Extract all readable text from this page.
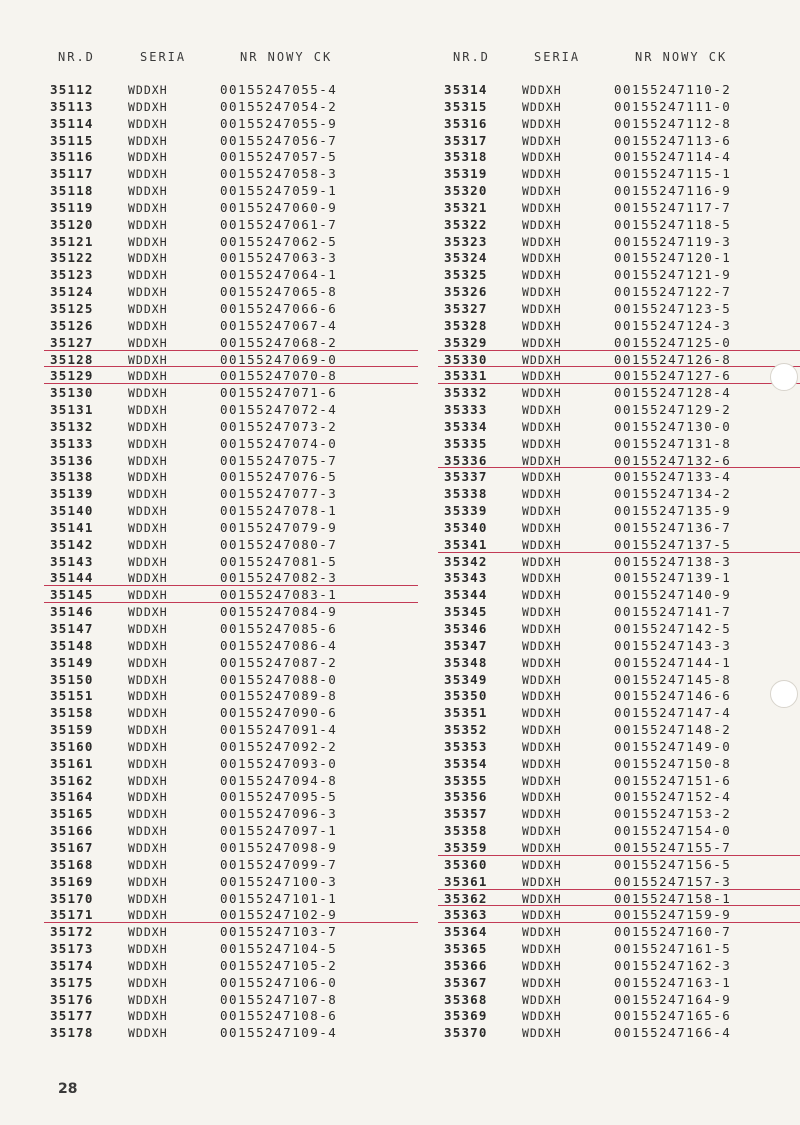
NR.D	SERIA	NR NOWY CK	NR.D	SERIA	NR NOWY CK
35112	WDDXH	00155247055-4
35113	WDDXH	00155247054-2
35114	WDDXH	00155247055-9
35115	WDDXH	00155247056-7
35116	WDDXH	00155247057-5
35117	WDDXH	00155247058-3
35118	WDDXH	00155247059-1
35119	WDDXH	00155247060-9
35120	WDDXH	00155247061-7
35121	WDDXH	00155247062-5
35122	WDDXH	00155247063-3
35123	WDDXH	00155247064-1
35124	WDDXH	00155247065-8
35125	WDDXH	00155247066-6
35126	WDDXH	00155247067-4
35127	WDDXH	00155247068-2
35128	WDDXH	00155247069-0
35129	WDDXH	00155247070-8
35130	WDDXH	00155247071-6
35131	WDDXH	00155247072-4
35132	WDDXH	00155247073-2
35133	WDDXH	00155247074-0
35136	WDDXH	00155247075-7
35138	WDDXH	00155247076-5
35139	WDDXH	00155247077-3
35140	WDDXH	00155247078-1
35141	WDDXH	00155247079-9
35142	WDDXH	00155247080-7
35143	WDDXH	00155247081-5
35144	WDDXH	00155247082-3
35145	WDDXH	00155247083-1
35146	WDDXH	00155247084-9
35147	WDDXH	00155247085-6
35148	WDDXH	00155247086-4
35149	WDDXH	00155247087-2
35150	WDDXH	00155247088-0
35151	WDDXH	00155247089-8
35158	WDDXH	00155247090-6
35159	WDDXH	00155247091-4
35160	WDDXH	00155247092-2
35161	WDDXH	00155247093-0
35162	WDDXH	00155247094-8
35164	WDDXH	00155247095-5
35165	WDDXH	00155247096-3
35166	WDDXH	00155247097-1
35167	WDDXH	00155247098-9
35168	WDDXH	00155247099-7
35169	WDDXH	00155247100-3
35170	WDDXH	00155247101-1
35171	WDDXH	00155247102-9
35172	WDDXH	00155247103-7
35173	WDDXH	00155247104-5
35174	WDDXH	00155247105-2
35175	WDDXH	00155247106-0
35176	WDDXH	00155247107-8
35177	WDDXH	00155247108-6
35178	WDDXH	00155247109-4
35314	WDDXH	00155247110-2
35315	WDDXH	00155247111-0
35316	WDDXH	00155247112-8
35317	WDDXH	00155247113-6
35318	WDDXH	00155247114-4
35319	WDDXH	00155247115-1
35320	WDDXH	00155247116-9
35321	WDDXH	00155247117-7
35322	WDDXH	00155247118-5
35323	WDDXH	00155247119-3
35324	WDDXH	00155247120-1
35325	WDDXH	00155247121-9
35326	WDDXH	00155247122-7
35327	WDDXH	00155247123-5
35328	WDDXH	00155247124-3
35329	WDDXH	00155247125-0
35330	WDDXH	00155247126-8
35331	WDDXH	00155247127-6
35332	WDDXH	00155247128-4
35333	WDDXH	00155247129-2
35334	WDDXH	00155247130-0
35335	WDDXH	00155247131-8
35336	WDDXH	00155247132-6
35337	WDDXH	00155247133-4
35338	WDDXH	00155247134-2
35339	WDDXH	00155247135-9
35340	WDDXH	00155247136-7
35341	WDDXH	00155247137-5
35342	WDDXH	00155247138-3
35343	WDDXH	00155247139-1
35344	WDDXH	00155247140-9
35345	WDDXH	00155247141-7
35346	WDDXH	00155247142-5
35347	WDDXH	00155247143-3
35348	WDDXH	00155247144-1
35349	WDDXH	00155247145-8
35350	WDDXH	00155247146-6
35351	WDDXH	00155247147-4
35352	WDDXH	00155247148-2
35353	WDDXH	00155247149-0
35354	WDDXH	00155247150-8
35355	WDDXH	00155247151-6
35356	WDDXH	00155247152-4
35357	WDDXH	00155247153-2
35358	WDDXH	00155247154-0
35359	WDDXH	00155247155-7
35360	WDDXH	00155247156-5
35361	WDDXH	00155247157-3
35362	WDDXH	00155247158-1
35363	WDDXH	00155247159-9
35364	WDDXH	00155247160-7
35365	WDDXH	00155247161-5
35366	WDDXH	00155247162-3
35367	WDDXH	00155247163-1
35368	WDDXH	00155247164-9
35369	WDDXH	00155247165-6
35370	WDDXH	00155247166-4
28
